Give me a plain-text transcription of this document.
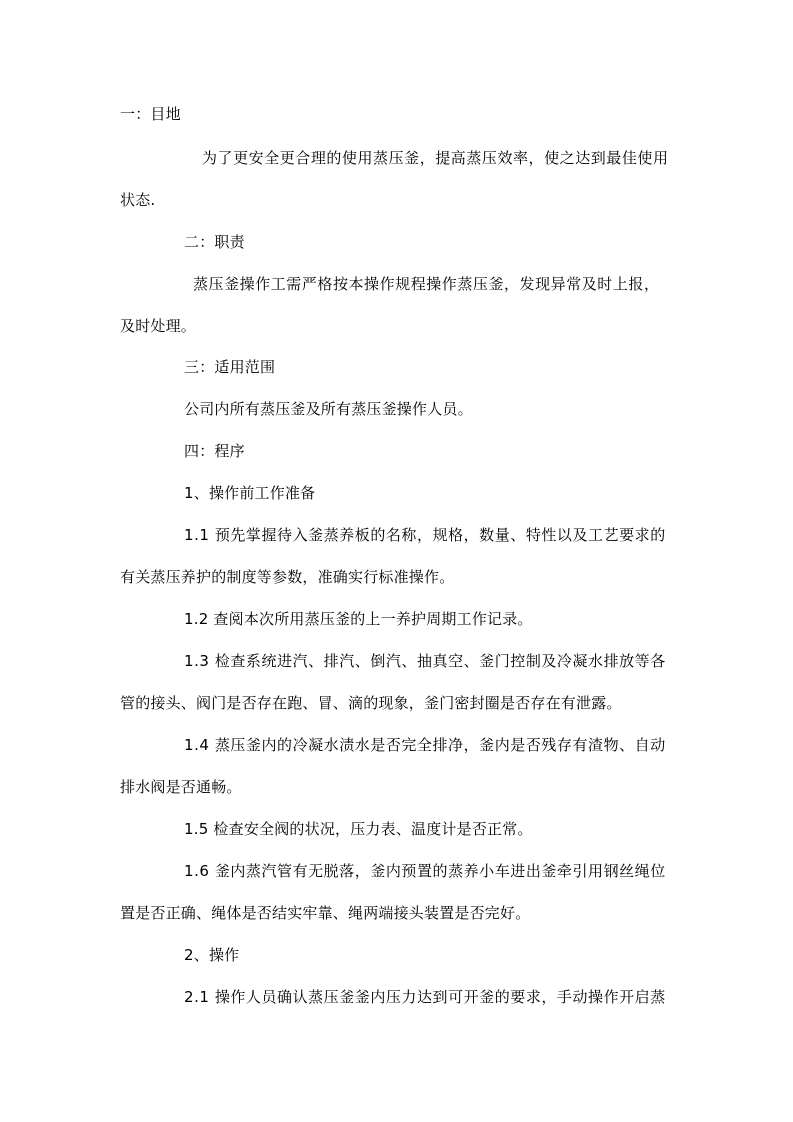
一：目地
为了更安全更合理的使用蒸压釜，提高蒸压效率，使之达到最佳使用
状态.
二：职责
蒸压釜操作工需严格按本操作规程操作蒸压釜，发现异常及时上报，
及时处理。
三：适用范围
公司内所有蒸压釜及所有蒸压釜操作人员。
四：程序
1、操作前工作准备
1.1 预先掌握待入釜蒸养板的名称，规格，数量、特性以及工艺要求的
有关蒸压养护的制度等参数，准确实行标准操作。
1.2 查阅本次所用蒸压釜的上一养护周期工作记录。
1.3 检查系统进汽、排汽、倒汽、抽真空、釜门控制及冷凝水排放等各
管的接头、阀门是否存在跑、冒、滴的现象，釜门密封圈是否存在有泄露。
1.4 蒸压釜内的冷凝水渍水是否完全排净，釜内是否残存有渣物、自动
排水阀是否通畅。
1.5 检查安全阀的状况，压力表、温度计是否正常。
1.6 釜内蒸汽管有无脱落，釜内预置的蒸养小车进出釜牵引用钢丝绳位
置是否正确、绳体是否结实牢靠、绳两端接头装置是否完好。
2、操作
2.1 操作人员确认蒸压釜釜内压力达到可开釜的要求，手动操作开启蒸
